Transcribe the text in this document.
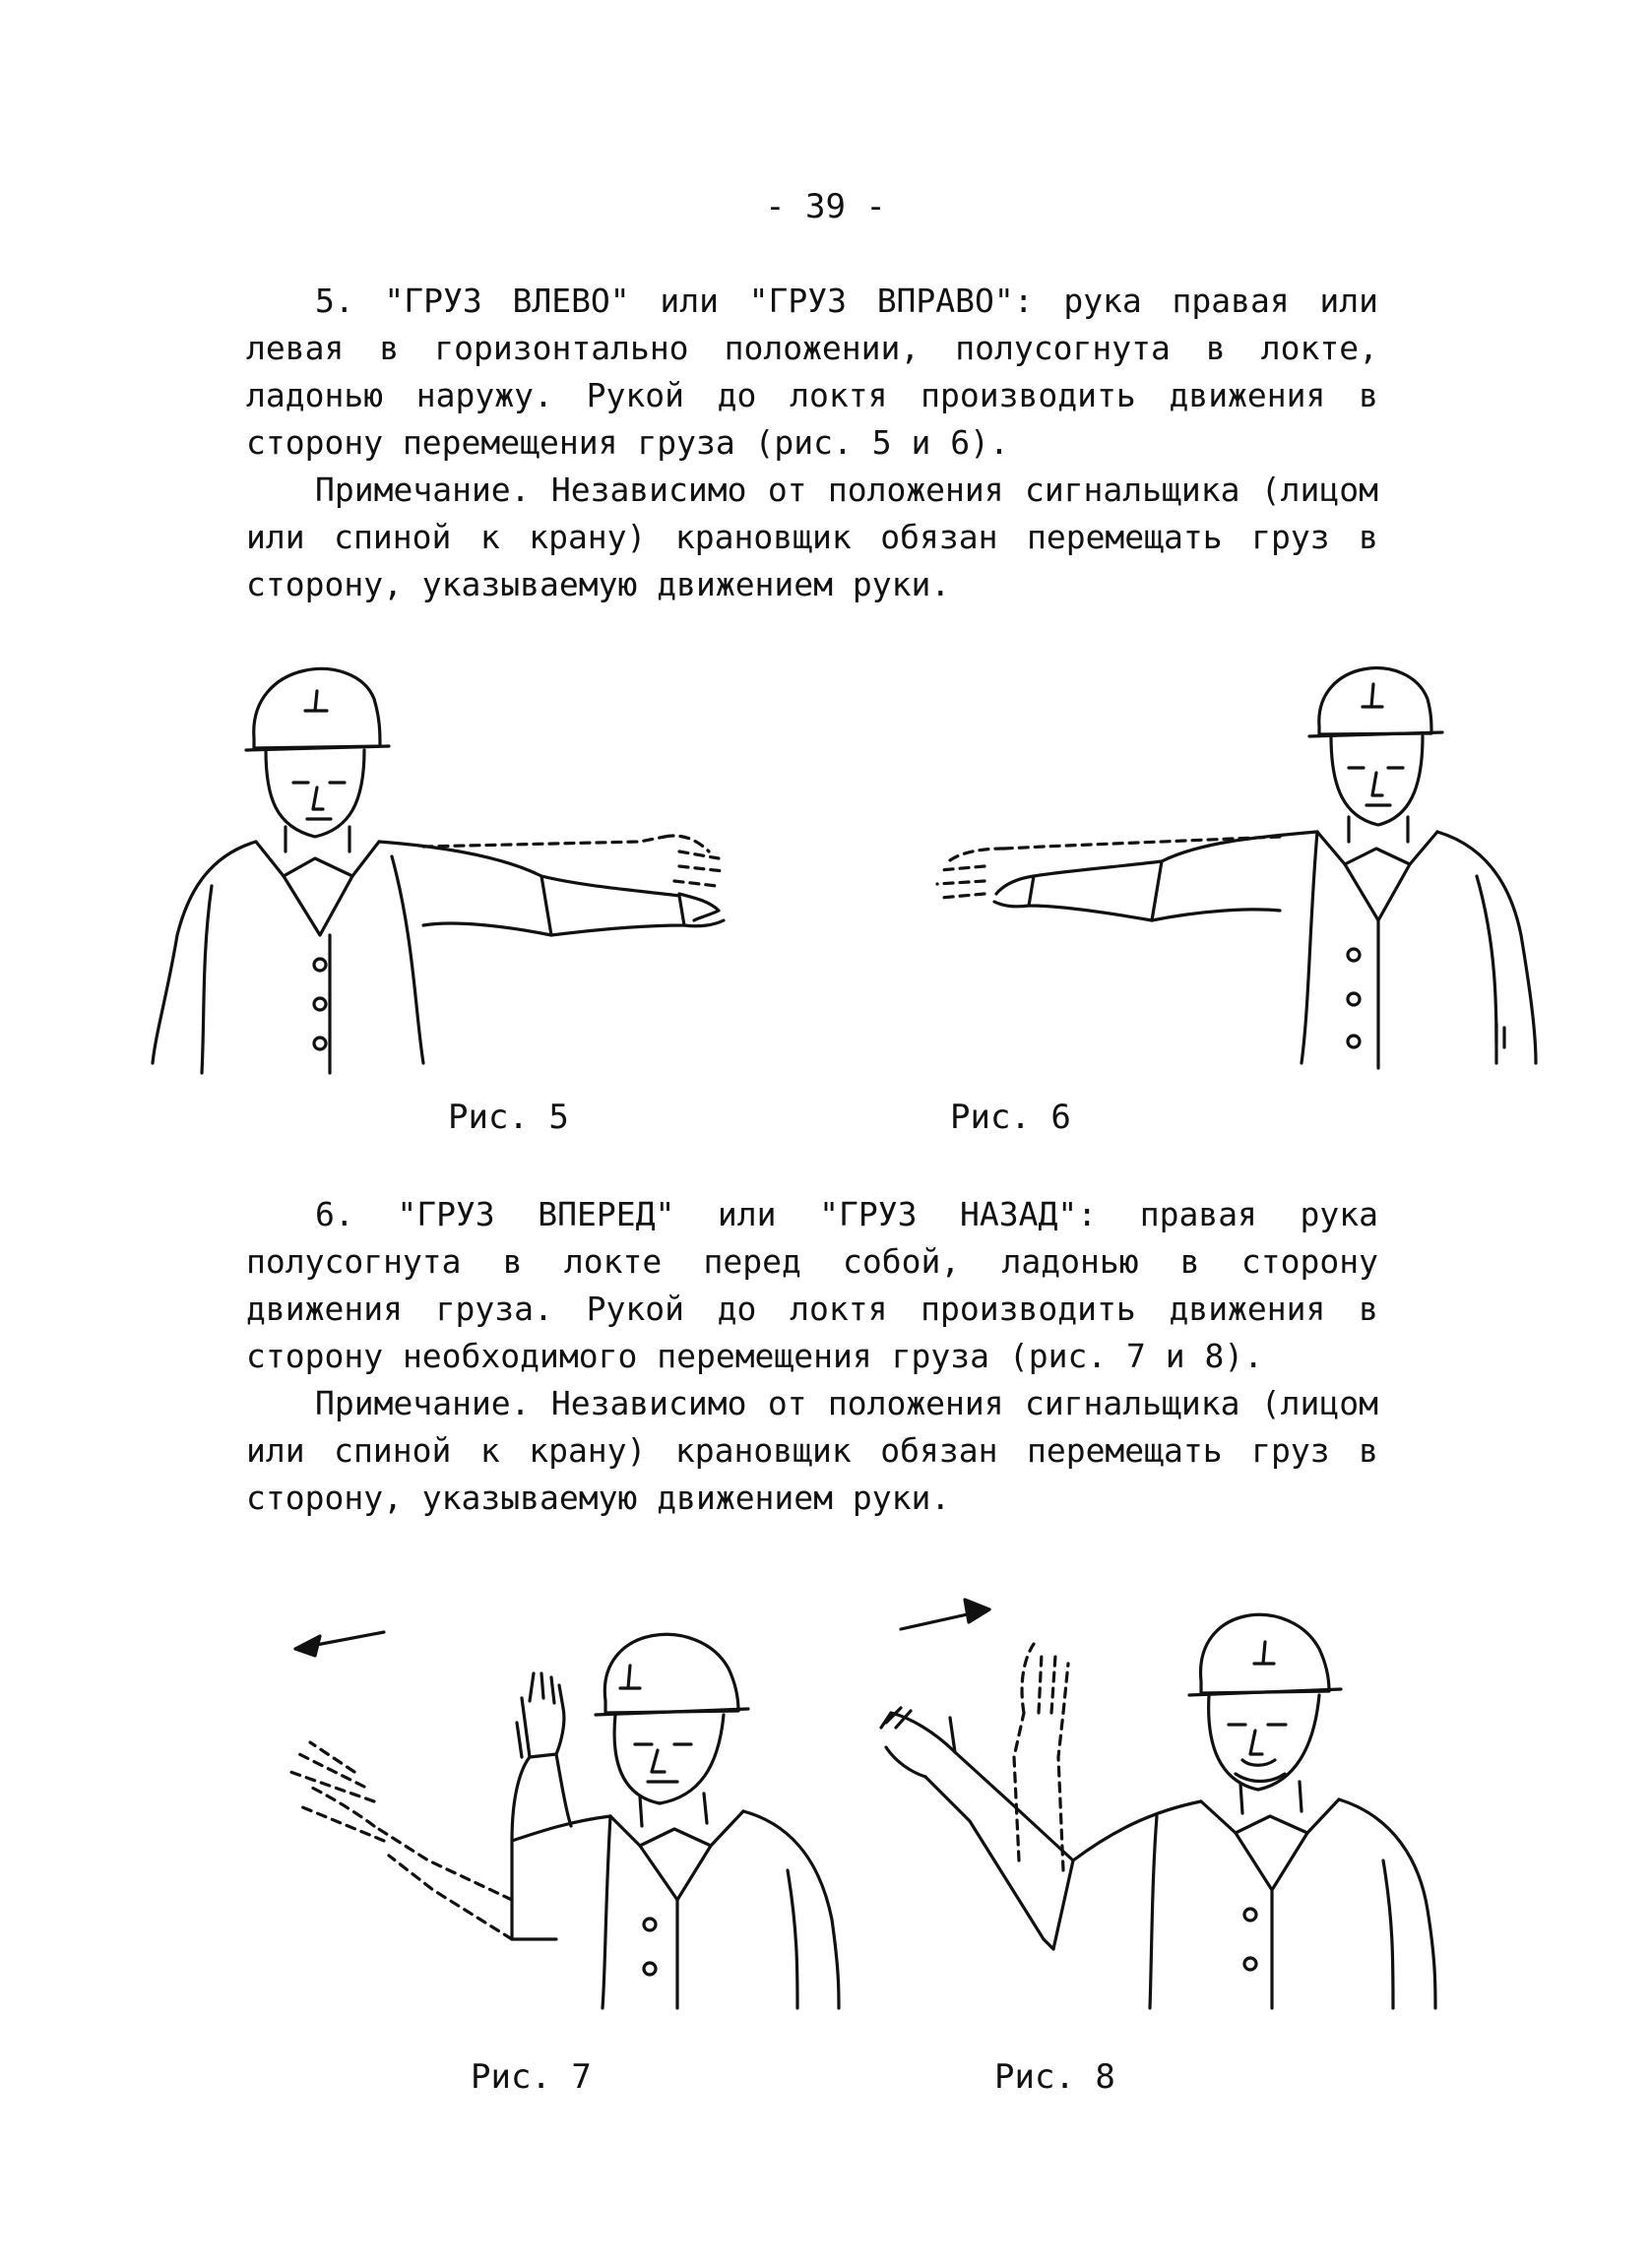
- 39 -

5. "ГРУЗ ВЛЕВО" или "ГРУЗ ВПРАВО": рука правая или левая в горизонтально положении, полусогнута в локте, ладонью наружу. Рукой до локтя производить движения в сторону перемещения груза (рис. 5 и 6).

Примечание. Независимо от положения сигнальщика (лицом или спиной к крану) крановщик обязан перемещать груз в сторону, указываемую движением руки.

Рис. 5	Рис. 6

6. "ГРУЗ ВПЕРЕД" или "ГРУЗ НАЗАД": правая рука полусогнута в локте перед собой, ладонью в сторону движения груза. Рукой до локтя производить движения в сторону необходимого перемещения груза (рис. 7 и 8).

Примечание. Независимо от положения сигнальщика (лицом или спиной к крану) крановщик обязан перемещать груз в сторону, указываемую движением руки.

Рис. 7	Рис. 8
